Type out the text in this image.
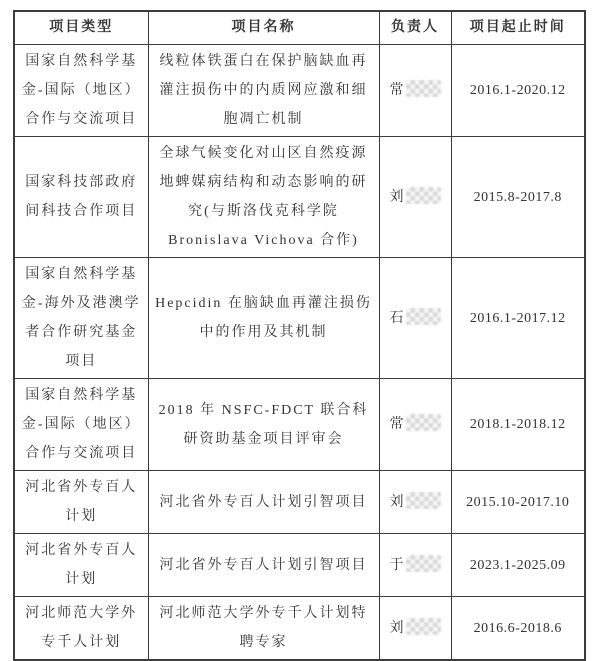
项目类型	项目名称	负责人	项目起止时间
国家自然科学基金-国际（地区）合作与交流项目	线粒体铁蛋白在保护脑缺血再灌注损伤中的内质网应激和细胞凋亡机制	常	2016.1-2020.12
国家科技部政府间科技合作项目	全球气候变化对山区自然疫源地蜱媒病结构和动态影响的研究(与斯洛伐克科学院 Bronislava Vichova 合作)	刘	2015.8-2017.8
国家自然科学基金-海外及港澳学者合作研究基金项目	Hepcidin 在脑缺血再灌注损伤中的作用及其机制	石	2016.1-2017.12
国家自然科学基金-国际（地区）合作与交流项目	2018 年 NSFC-FDCT 联合科研资助基金项目评审会	常	2018.1-2018.12
河北省外专百人计划	河北省外专百人计划引智项目	刘	2015.10-2017.10
河北省外专百人计划	河北省外专百人计划引智项目	于	2023.1-2025.09
河北师范大学外专千人计划	河北师范大学外专千人计划特聘专家	刘	2016.6-2018.6
